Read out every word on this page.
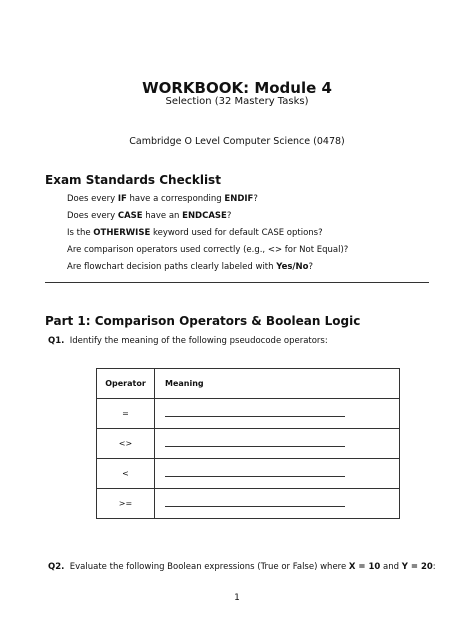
WORKBOOK: Module 4
Selection (32 Mastery Tasks)
Cambridge O Level Computer Science (0478)
Exam Standards Checklist
Does every IF have a corresponding ENDIF?
Does every CASE have an ENDCASE?
Is the OTHERWISE keyword used for default CASE options?
Are comparison operators used correctly (e.g., <> for Not Equal)?
Are flowchart decision paths clearly labeled with Yes/No?
Part 1: Comparison Operators & Boolean Logic
Q1. Identify the meaning of the following pseudocode operators:
Operator	Meaning
=	

<>	

<	

>=	
Q2. Evaluate the following Boolean expressions (True or False) where X = 10 and Y = 20:
1
